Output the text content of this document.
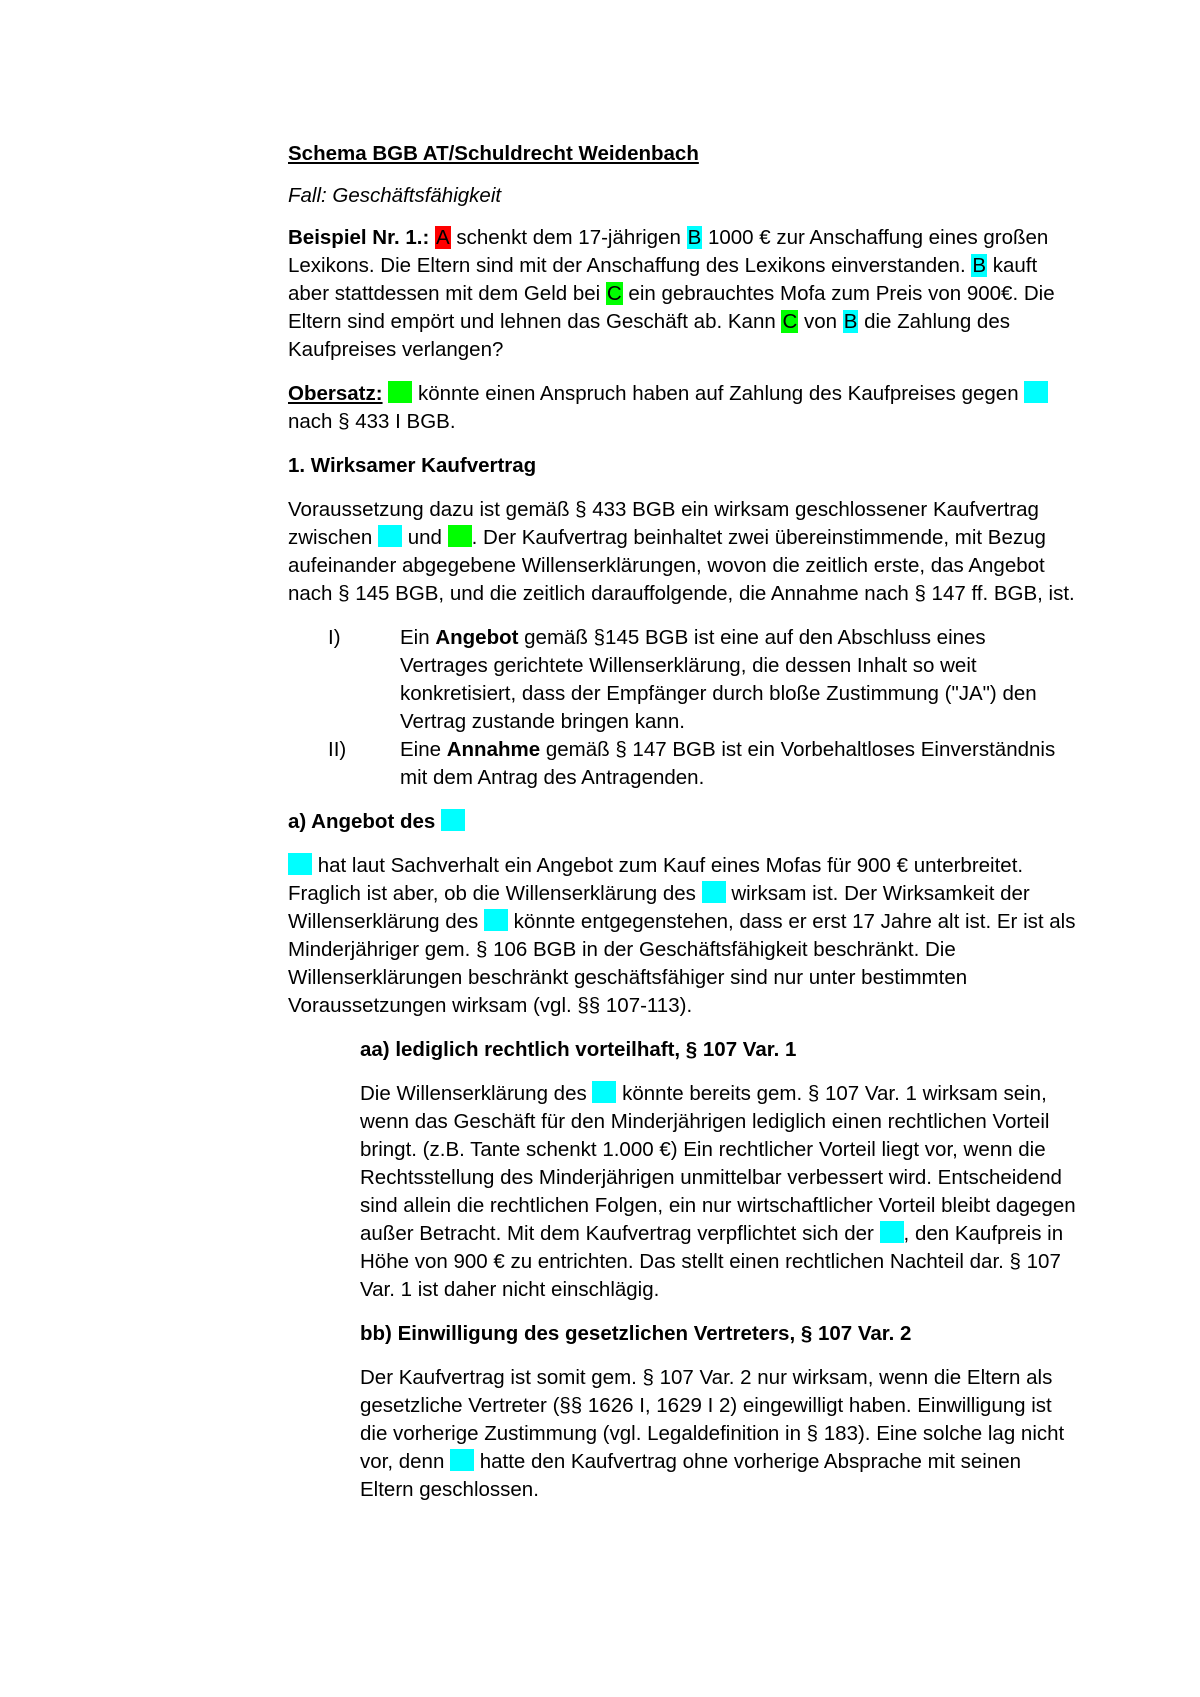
Schema BGB AT/Schuldrecht Weidenbach

Fall: Geschäftsfähigkeit

Beispiel Nr. 1.: A schenkt dem 17-jährigen B 1000 € zur Anschaffung eines großen Lexikons. Die Eltern sind mit der Anschaffung des Lexikons einverstanden. B kauft aber stattdessen mit dem Geld bei C ein gebrauchtes Mofa zum Preis von 900€. Die Eltern sind empört und lehnen das Geschäft ab. Kann C von B die Zahlung des Kaufpreises verlangen?

Obersatz:  könnte einen Anspruch haben auf Zahlung des Kaufpreises gegen  nach § 433 I BGB.

1. Wirksamer Kaufvertrag

Voraussetzung dazu ist gemäß § 433 BGB ein wirksam geschlossener Kaufvertrag zwischen  und . Der Kaufvertrag beinhaltet zwei übereinstimmende, mit Bezug aufeinander abgegebene Willenserklärungen, wovon die zeitlich erste, das Angebot nach § 145 BGB, und die zeitlich darauffolgende, die Annahme nach § 147 ff. BGB, ist.

I)	Ein Angebot gemäß §145 BGB ist eine auf den Abschluss eines Vertrages gerichtete Willenserklärung, die dessen Inhalt so weit konkretisiert, dass der Empfänger durch bloße Zustimmung ("JA") den Vertrag zustande bringen kann.
II)	Eine Annahme gemäß § 147 BGB ist ein Vorbehaltloses Einverständnis mit dem Antrag des Antragenden.
a) Angebot des

hat laut Sachverhalt ein Angebot zum Kauf eines Mofas für 900 € unterbreitet. Fraglich ist aber, ob die Willenserklärung des  wirksam ist. Der Wirksamkeit der Willenserklärung des  könnte entgegenstehen, dass er erst 17 Jahre alt ist. Er ist als Minderjähriger gem. § 106 BGB in der Geschäftsfähigkeit beschränkt. Die Willenserklärungen beschränkt geschäftsfähiger sind nur unter bestimmten Voraussetzungen wirksam (vgl. §§ 107-113).

aa) lediglich rechtlich vorteilhaft, § 107 Var. 1

Die Willenserklärung des  könnte bereits gem. § 107 Var. 1 wirksam sein, wenn das Geschäft für den Minderjährigen lediglich einen rechtlichen Vorteil bringt. (z.B. Tante schenkt 1.000 €) Ein rechtlicher Vorteil liegt vor, wenn die Rechtsstellung des Minderjährigen unmittelbar verbessert wird. Entscheidend sind allein die rechtlichen Folgen, ein nur wirtschaftlicher Vorteil bleibt dagegen außer Betracht. Mit dem Kaufvertrag verpflichtet sich der , den Kaufpreis in Höhe von 900 € zu entrichten. Das stellt einen rechtlichen Nachteil dar. § 107 Var. 1 ist daher nicht einschlägig.

bb) Einwilligung des gesetzlichen Vertreters, § 107 Var. 2

Der Kaufvertrag ist somit gem. § 107 Var. 2 nur wirksam, wenn die Eltern als gesetzliche Vertreter (§§ 1626 I, 1629 I 2) eingewilligt haben. Einwilligung ist die vorherige Zustimmung (vgl. Legaldefinition in § 183). Eine solche lag nicht vor, denn  hatte den Kaufvertrag ohne vorherige Absprache mit seinen Eltern geschlossen.
